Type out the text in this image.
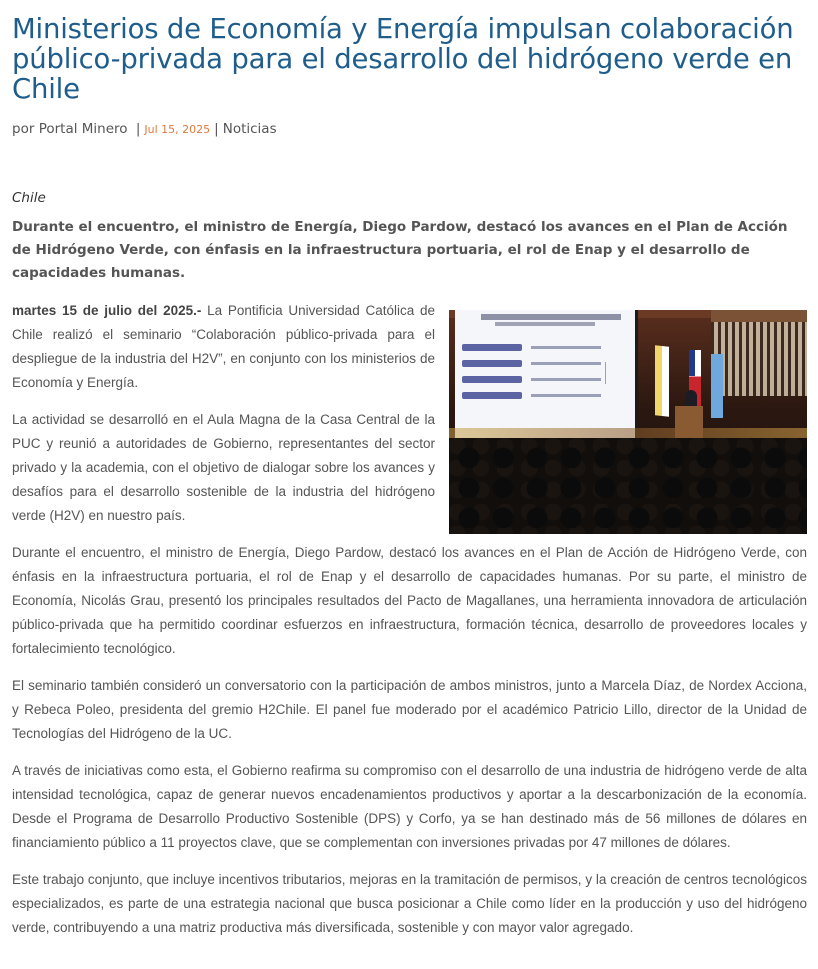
Ministerios de Economía y Energía impulsan colaboración público-privada para el desarrollo del hidrógeno verde en Chile
por Portal Minero | Jul 15, 2025 | Noticias
Chile
Durante el encuentro, el ministro de Energía, Diego Pardow, destacó los avances en el Plan de Acción de Hidrógeno Verde, con énfasis en la infraestructura portuaria, el rol de Enap y el desarrollo de capacidades humanas.

martes 15 de julio del 2025.- La Pontificia Universidad Católica de Chile realizó el seminario “Colaboración público-privada para el despliegue de la industria del H2V”, en conjunto con los ministerios de Economía y Energía.

La actividad se desarrolló en el Aula Magna de la Casa Central de la PUC y reunió a autoridades de Gobierno, representantes del sector privado y la academia, con el objetivo de dialogar sobre los avances y desafíos para el desarrollo sostenible de la industria del hidrógeno verde (H2V) en nuestro país.

Durante el encuentro, el ministro de Energía, Diego Pardow, destacó los avances en el Plan de Acción de Hidrógeno Verde, con énfasis en la infraestructura portuaria, el rol de Enap y el desarrollo de capacidades humanas. Por su parte, el ministro de Economía, Nicolás Grau, presentó los principales resultados del Pacto de Magallanes, una herramienta innovadora de articulación público-privada que ha permitido coordinar esfuerzos en infraestructura, formación técnica, desarrollo de proveedores locales y fortalecimiento tecnológico.

El seminario también consideró un conversatorio con la participación de ambos ministros, junto a Marcela Díaz, de Nordex Acciona, y Rebeca Poleo, presidenta del gremio H2Chile. El panel fue moderado por el académico Patricio Lillo, director de la Unidad de Tecnologías del Hidrógeno de la UC.

A través de iniciativas como esta, el Gobierno reafirma su compromiso con el desarrollo de una industria de hidrógeno verde de alta intensidad tecnológica, capaz de generar nuevos encadenamientos productivos y aportar a la descarbonización de la economía. Desde el Programa de Desarrollo Productivo Sostenible (DPS) y Corfo, ya se han destinado más de 56 millones de dólares en financiamiento público a 11 proyectos clave, que se complementan con inversiones privadas por 47 millones de dólares.

Este trabajo conjunto, que incluye incentivos tributarios, mejoras en la tramitación de permisos, y la creación de centros tecnológicos especializados, es parte de una estrategia nacional que busca posicionar a Chile como líder en la producción y uso del hidrógeno verde, contribuyendo a una matriz productiva más diversificada, sostenible y con mayor valor agregado.
